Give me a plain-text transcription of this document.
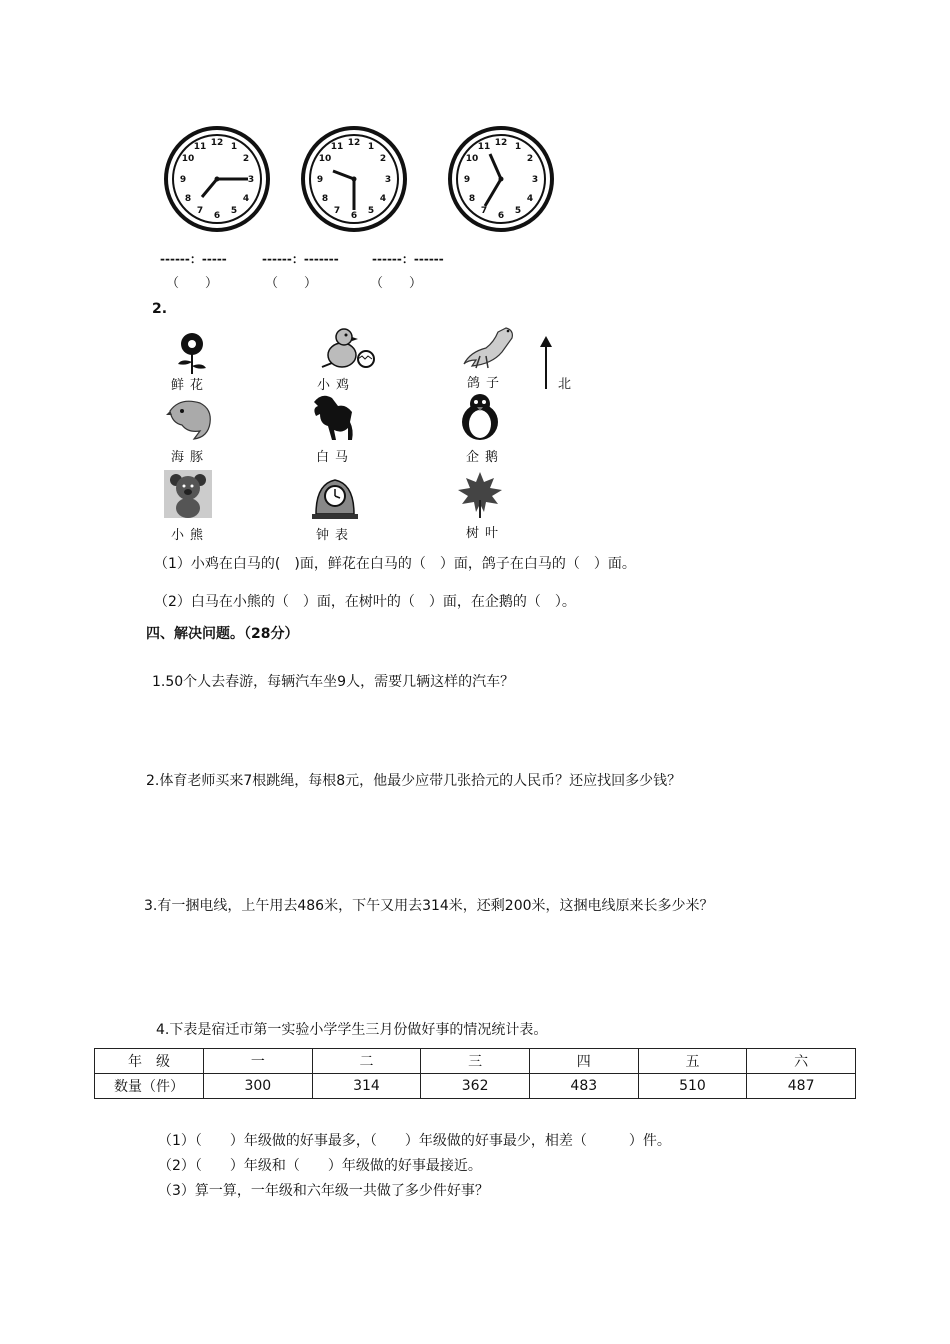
12 1
2
3
4
5
6
7
8
9
10
11	12 1
2
3
4
5
6
7
8
9
10
11	12 1
2
3
4
5
6
7
8
9
10
11
------：-----	------：-------	------：------
（　　）	（　　）	（　　）
2.
鲜花	小鸡	鸽子	北
海豚	白马	企鹅
小熊	钟表	树叶
（1）小鸡在白马的(　)面，鲜花在白马的（　）面，鸽子在白马的（　）面。
（2）白马在小熊的（　）面，在树叶的（　）面，在企鹅的（　）。
四、解决问题。（28分）
1.50个人去春游，每辆汽车坐9人，需要几辆这样的汽车？
2.体育老师买来7根跳绳，每根8元，他最少应带几张拾元的人民币？还应找回多少钱？
3.有一捆电线，上午用去486米，下午又用去314米，还剩200米，这捆电线原来长多少米？
4.下表是宿迁市第一实验小学学生三月份做好事的情况统计表。
年　级	一	二	三	四	五	六
数量（件）	300	314	362	483	510	487
（1）（　　）年级做的好事最多，（　　）年级做的好事最少，相差（　　　）件。
（2）（　　）年级和（　　）年级做的好事最接近。
（3）算一算，一年级和六年级一共做了多少件好事？
